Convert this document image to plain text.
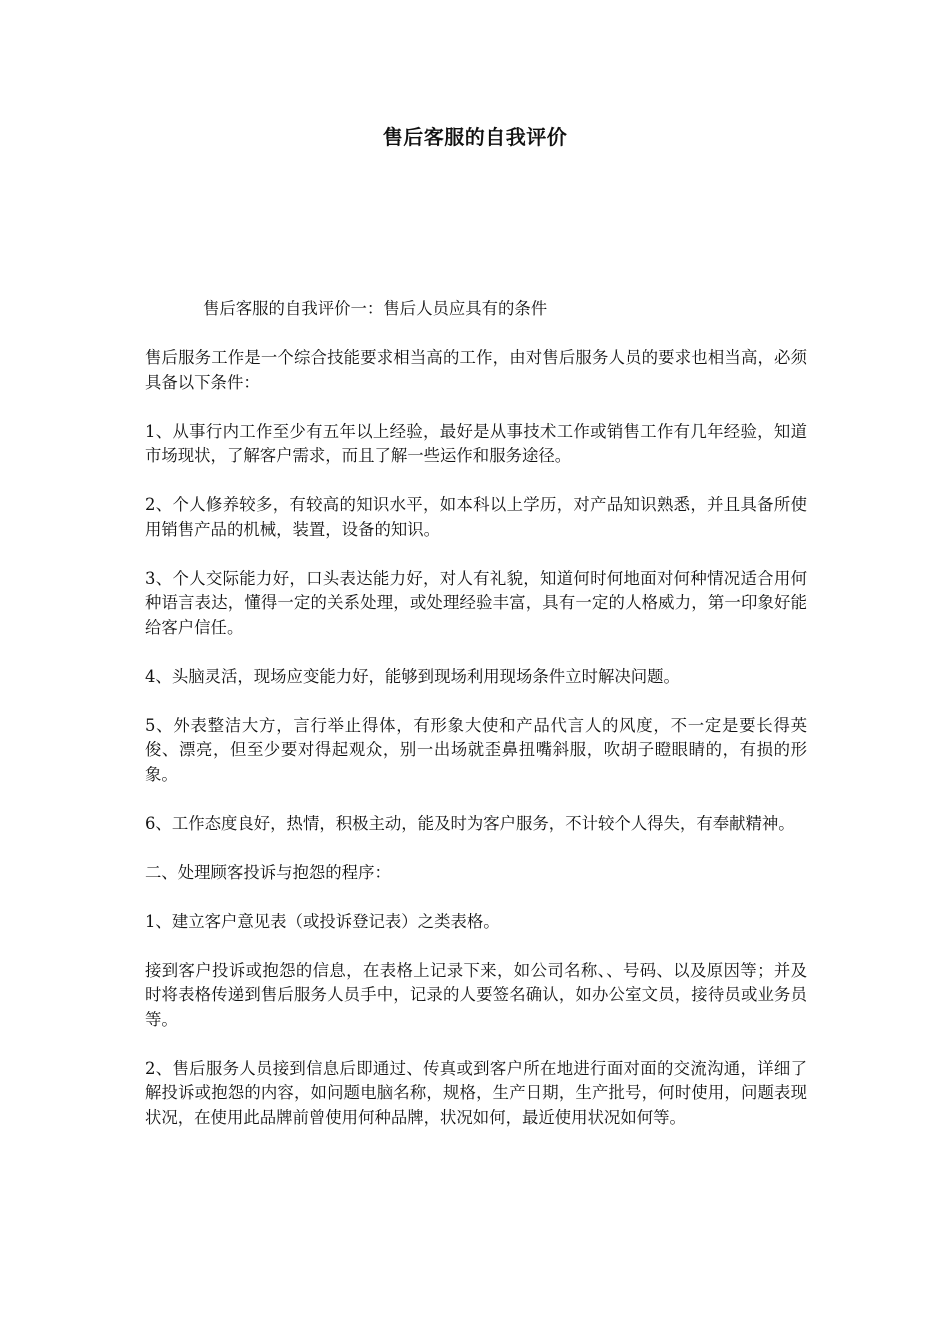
售后客服的自我评价

售后客服的自我评价一：售后人员应具有的条件

售后服务工作是一个综合技能要求相当高的工作，由对售后服务人员的要求也相当高，必须具备以下条件：

1、从事行内工作至少有五年以上经验，最好是从事技术工作或销售工作有几年经验，知道市场现状，了解客户需求，而且了解一些运作和服务途径。

2、个人修养较多，有较高的知识水平，如本科以上学历，对产品知识熟悉，并且具备所使用销售产品的机械，装置，设备的知识。

3、个人交际能力好，口头表达能力好，对人有礼貌，知道何时何地面对何种情况适合用何种语言表达，懂得一定的关系处理，或处理经验丰富，具有一定的人格威力，第一印象好能给客户信任。

4、头脑灵活，现场应变能力好，能够到现场利用现场条件立时解决问题。

5、外表整洁大方，言行举止得体，有形象大使和产品代言人的风度，不一定是要长得英俊、漂亮，但至少要对得起观众，别一出场就歪鼻扭嘴斜服，吹胡子瞪眼睛的，有损的形象。

6、工作态度良好，热情，积极主动，能及时为客户服务，不计较个人得失，有奉献精神。

二、处理顾客投诉与抱怨的程序：

1、建立客户意见表（或投诉登记表）之类表格。

接到客户投诉或抱怨的信息，在表格上记录下来，如公司名称、、号码、以及原因等；并及时将表格传递到售后服务人员手中，记录的人要签名确认，如办公室文员，接待员或业务员等。

2、售后服务人员接到信息后即通过、传真或到客户所在地进行面对面的交流沟通，详细了解投诉或抱怨的内容，如问题电脑名称，规格，生产日期，生产批号，何时使用，问题表现状况，在使用此品牌前曾使用何种品牌，状况如何，最近使用状况如何等。
